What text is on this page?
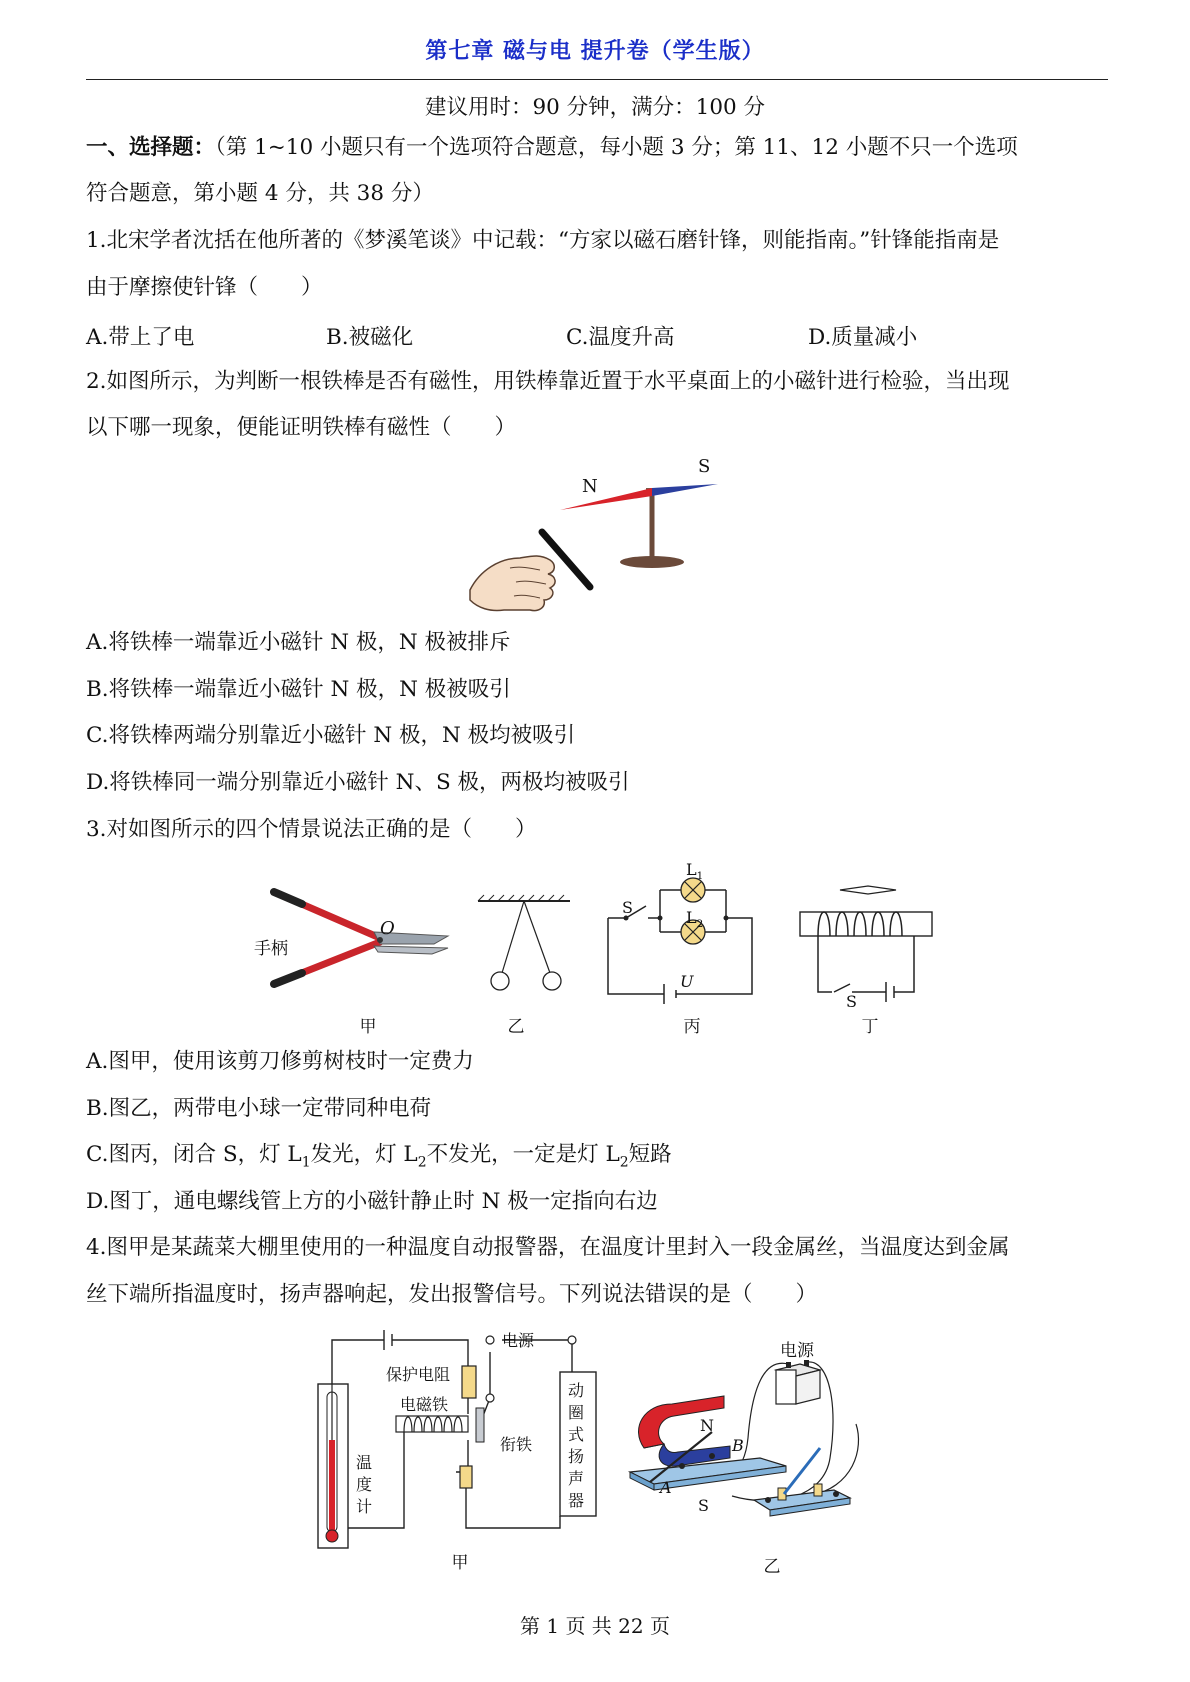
第七章 磁与电 提升卷（学生版）
建议用时：90 分钟，满分：100 分
一、选择题：（第 1~10 小题只有一个选项符合题意，每小题 3 分；第 11、12 小题不只一个选项
符合题意，第小题 4 分，共 38 分）
1.北宋学者沈括在他所著的《梦溪笔谈》中记载：“方家以磁石磨针锋，则能指南。”针锋能指南是
由于摩擦使针锋（　　）
A.带上了电	B.被磁化	C.温度升高	D.质量减小
2.如图所示，为判断一根铁棒是否有磁性，用铁棒靠近置于水平桌面上的小磁针进行检验，当出现
以下哪一现象，便能证明铁棒有磁性（　　）
N
S
A.将铁棒一端靠近小磁针 N 极，N 极被排斥
B.将铁棒一端靠近小磁针 N 极，N 极被吸引
C.将铁棒两端分别靠近小磁针 N 极，N 极均被吸引
D.将铁棒同一端分别靠近小磁针 N、S 极，两极均被吸引
3.对如图所示的四个情景说法正确的是（　　）
手柄
O
S
$L_1$
$L_2$
U
S
甲	乙	丙	丁
A.图甲，使用该剪刀修剪树枝时一定费力
B.图乙，两带电小球一定带同种电荷
C.图丙，闭合 S，灯 $L_1$发光，灯 $L_2$不发光，一定是灯 $L_2$短路
D.图丁，通电螺线管上方的小磁针静止时 N 极一定指向右边
4.图甲是某蔬菜大棚里使用的一种温度自动报警器，在温度计里封入一段金属丝，当温度达到金属
丝下端所指温度时，扬声器响起，发出报警信号。下列说法错误的是（　　）
电源
保护电阻
电磁铁
衔铁
温
度
计
动
圈
式
扬
声
器
电源
N
B
A
S
甲	乙
第 1 页 共 22 页
